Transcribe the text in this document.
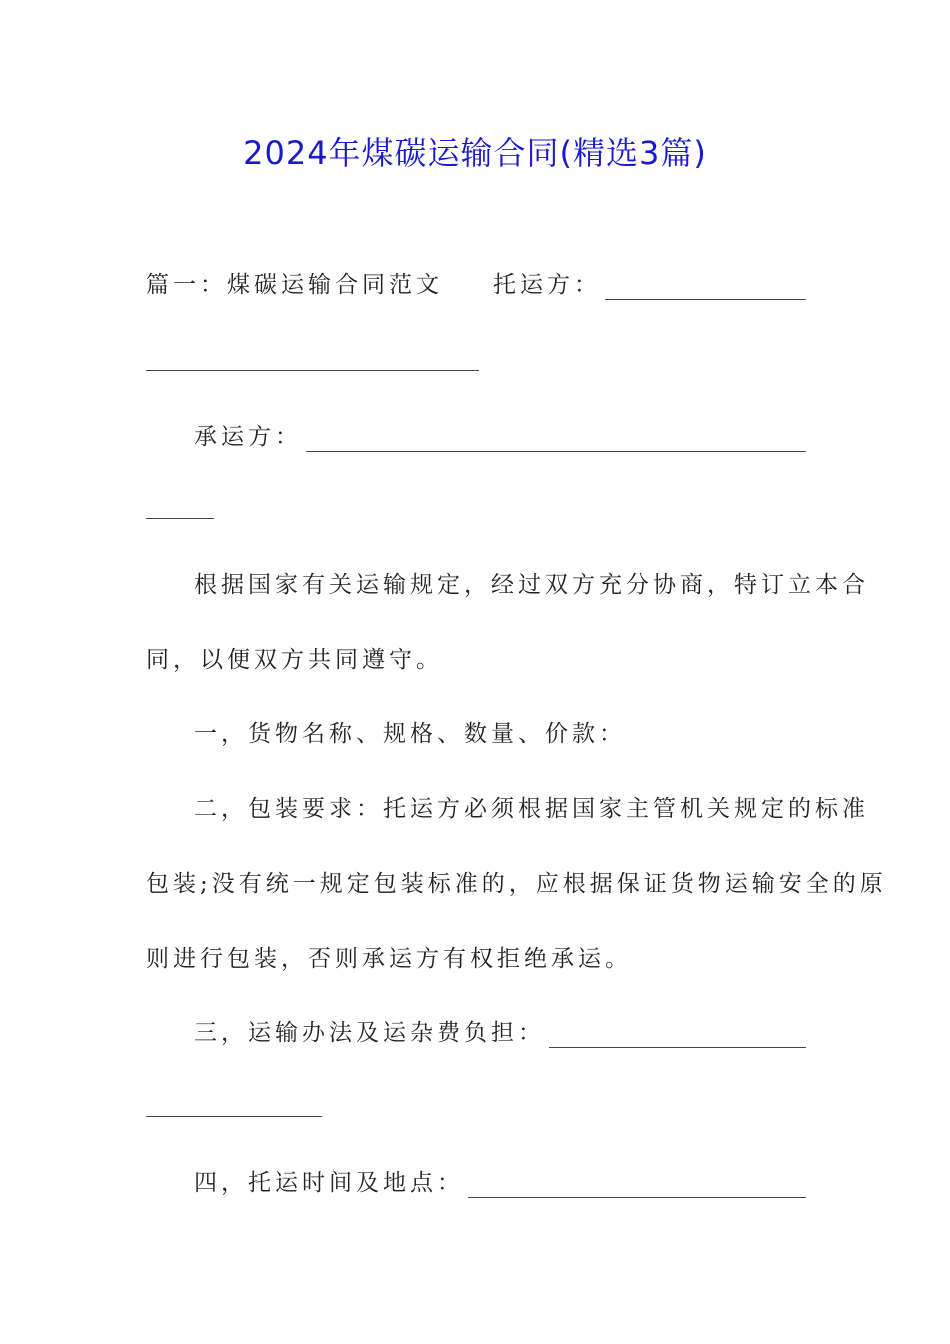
2024年煤碳运输合同(精选3篇)
篇一：煤碳运输合同范文 托运方：
承运方：
根据国家有关运输规定，经过双方充分协商，特订立本合
同，以便双方共同遵守。
一，货物名称、规格、数量、价款：
二，包装要求：托运方必须根据国家主管机关规定的标准
包装;没有统一规定包装标准的，应根据保证货物运输安全的原
则进行包装，否则承运方有权拒绝承运。
三，运输办法及运杂费负担：
四，托运时间及地点：
